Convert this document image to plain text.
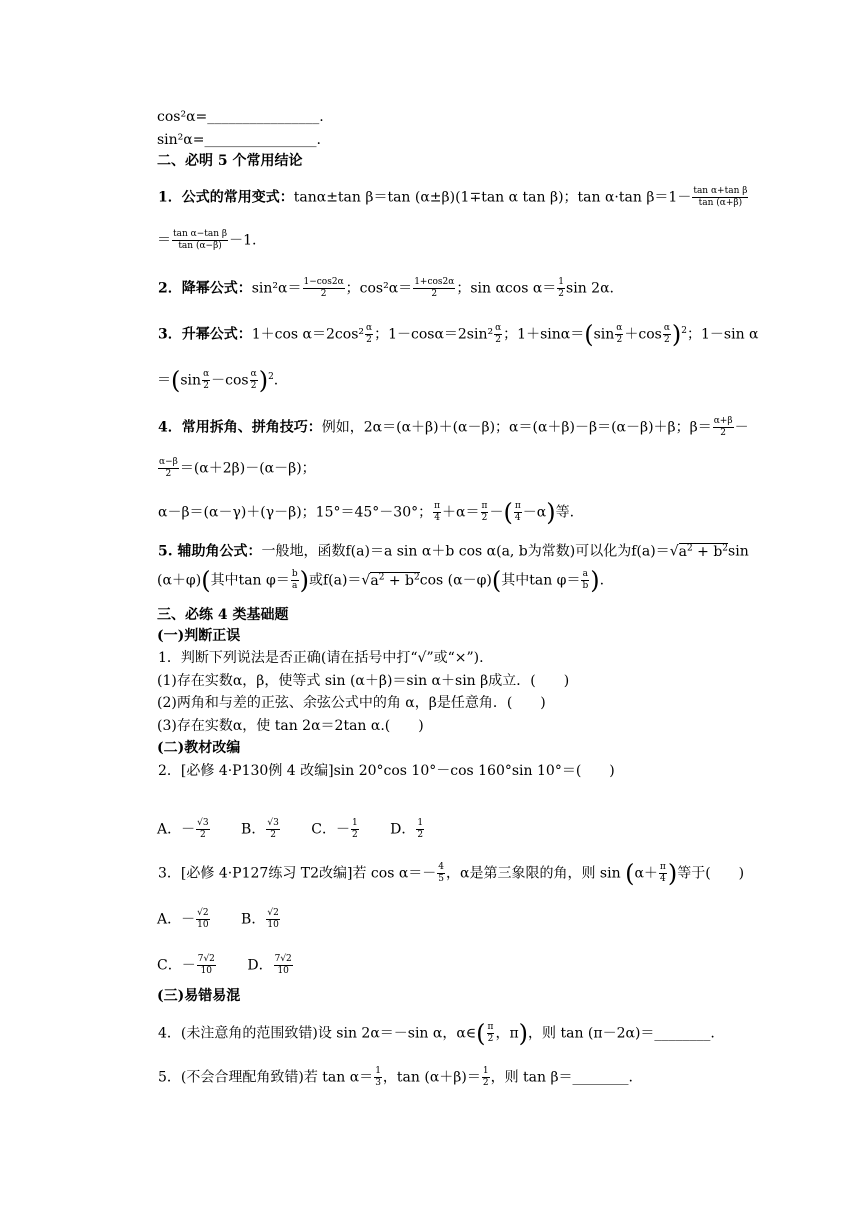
cos²α=________________.
sin²α=________________.
二、必明 5 个常用结论
1．公式的常用变式：tanα±tan β＝tan (α±β)(1∓tan α tan β)；tan α·tan $\beta=1- \frac{\text{tan α+tan β}}{\tan (\alpha+\beta)}$
＝ $\frac{\text{tan α−tan β}}{\tan (\alpha-\beta)} -1$.
2．降幂公式：$\sin^2\alpha= \frac{1-\cos 2\alpha}{2}$ ；$\cos^2\alpha= \frac{1+\cos 2\alpha}{2}$ ；sin αcos $\alpha= \frac{1}{2}$ sin 2α.
3．升幂公式：1＋cos $\alpha=2\cos^2 \frac{\alpha}{2}$ ；$1-\cos\alpha=2\sin^2 \frac{\alpha}{2}$ ；$1+\sin\alpha=(\sin \frac{\alpha}{2} +\cos \frac{\alpha}{2} )^2$；1－sin α
$=(\sin \frac{\alpha}{2} -\cos \frac{\alpha}{2} )^2$.
4．常用拆角、拼角技巧：例如，2α＝(α＋β)＋(α－β)；α＝(α＋β)－β＝(α－β)＋β；$\beta= \frac{\alpha+\beta}{2}$ －
$\frac{\alpha-\beta}{2} =(\alpha+2\beta)-(\alpha-\beta)$；
α－β＝(α－γ)＋(γ－β)；15°＝45°－30°； $\frac{\pi}{4} +\alpha= \frac{\pi}{2}$ －( $\frac{\pi}{4} -\alpha$)等.
5. 辅助角公式：一般地，函数f(a)＝a sin α＋b cos α(a, b为常数)可以化为$f(a)=√a^2 + b^2\sin$
(α＋φ)(其中$\tan \varphi= \frac{b}{a}$ )或$f(a)=√a^2 + b^2\cos$ (α－φ)(其中$\tan \varphi= \frac{a}{b}$ ).
三、必练 4 类基础题
(一)判断正误
1．判断下列说法是否正确(请在括号中打“√”或“×”).
(1)存在实数α，β，使等式 sin (α＋β)＝sin α＋sin β成立．(　　)
(2)两角和与差的正弦、余弦公式中的角 α，β是任意角．(　　)
(3)存在实数α，使 tan 2α＝2tan α.(　　)
(二)教材改编
2．[必修 4·P130例 4 改编]sin 20°cos 10°－cos 160°sin 10°＝(　　)
A．－ $\frac{√3}{2}$ B． $\frac{√3}{2}$ C．－ $\frac{1}{2}$ D． $\frac{1}{2}$
3．[必修 4·P127练习 T2改编]若 $\cos \alpha=- \frac{4}{5}$ ，α是第三象限的角，则 $\sin (\alpha+ \frac{\pi}{4}$ )等于(　　)
A．－ $\frac{√2}{10}$ B． $\frac{√2}{10}$
C．－ $\frac{7√2}{10}$ D． $\frac{7√2}{10}$
(三)易错易混
4．(未注意角的范围致错)设 sin 2α＝－sin α，α∈( $\frac{\pi}{2}$ ，π)，则 tan (π－2α)＝________.
5．(不会合理配角致错)若 $\tan \alpha= \frac{1}{3}$ ，$\tan (\alpha+\beta)= \frac{1}{2}$ ，则 tan β＝________.
